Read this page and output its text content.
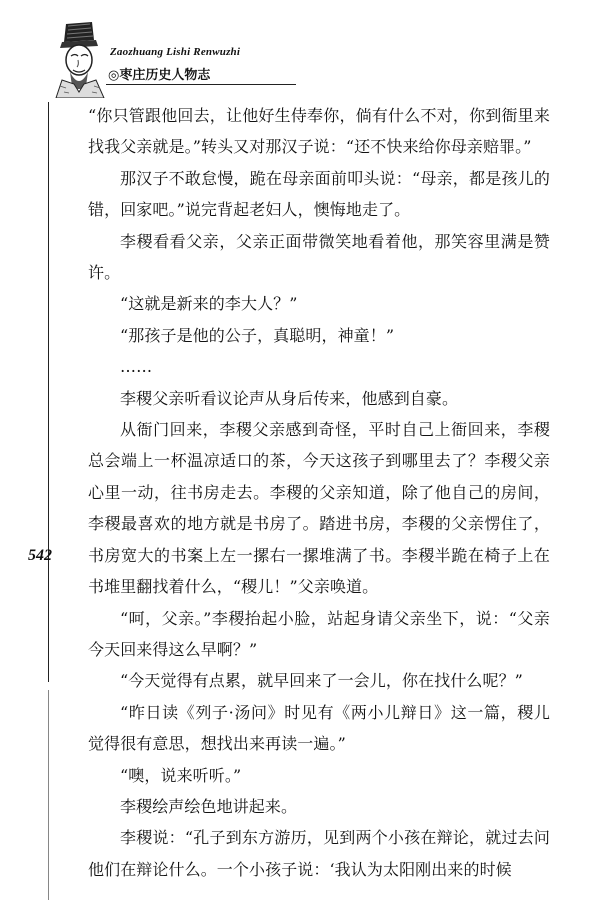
Zaozhuang Lishi Renwuzhi
◎枣庄历史人物志
542

“你只管跟他回去，让他好生侍奉你，倘有什么不对，你到衙里来找我父亲就是。”转头又对那汉子说：“还不快来给你母亲赔罪。”

那汉子不敢怠慢，跪在母亲面前叩头说：“母亲，都是孩儿的错，回家吧。”说完背起老妇人，懊悔地走了。

李稷看看父亲，父亲正面带微笑地看着他，那笑容里满是赞许。

“这就是新来的李大人？”

“那孩子是他的公子，真聪明，神童！”

……

李稷父亲听看议论声从身后传来，他感到自豪。

从衙门回来，李稷父亲感到奇怪，平时自己上衙回来，李稷总会端上一杯温凉适口的茶，今天这孩子到哪里去了？李稷父亲心里一动，往书房走去。李稷的父亲知道，除了他自己的房间，李稷最喜欢的地方就是书房了。踏进书房，李稷的父亲愣住了，书房宽大的书案上左一摞右一摞堆满了书。李稷半跪在椅子上在书堆里翻找着什么，“稷儿！”父亲唤道。

“呵，父亲。”李稷抬起小脸，站起身请父亲坐下，说：“父亲今天回来得这么早啊？”

“今天觉得有点累，就早回来了一会儿，你在找什么呢？”

“昨日读《列子·汤问》时见有《两小儿辩日》这一篇，稷儿觉得很有意思，想找出来再读一遍。”

“噢，说来听听。”

李稷绘声绘色地讲起来。

李稷说：“孔子到东方游历，见到两个小孩在辩论，就过去问他们在辩论什么。一个小孩子说：‘我认为太阳刚出来的时候
